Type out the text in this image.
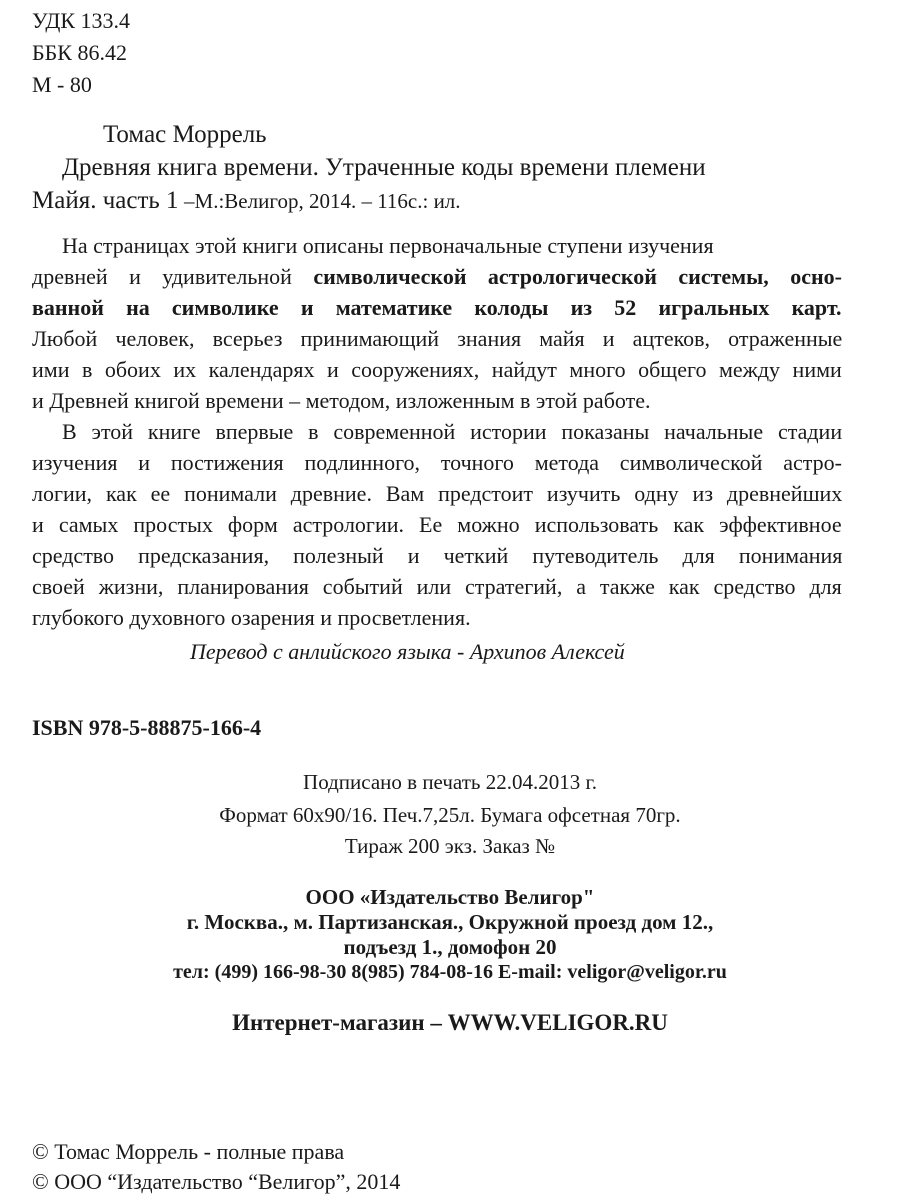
УДК 133.4
ББК 86.42
М - 80
Томас Моррель
Древняя книга времени. Утраченные коды времени племени
Майя. часть 1 –М.:Велигор, 2014. – 116с.: ил.
На страницах этой книги описаны первоначальные ступени изучения
древней и удивительной символической астрологической системы, осно-
ванной на символике и математике колоды из 52 игральных карт.
Любой человек, всерьез принимающий знания майя и ацтеков, отраженные
ими в обоих их календарях и сооружениях, найдут много общего между ними
и Древней книгой времени – методом, изложенным в этой работе.
В этой книге впервые в современной истории показаны начальные стадии
изучения и постижения подлинного, точного метода символической астро-
логии, как ее понимали древние. Вам предстоит изучить одну из древнейших
и самых простых форм астрологии. Ее можно использовать как эффективное
средство предсказания, полезный и четкий путеводитель для понимания
своей жизни, планирования событий или стратегий, а также как средство для
глубокого духовного озарения и просветления.
Перевод с анлийского языка - Архипов Алексей
ISBN 978-5-88875-166-4
Подписано в печать 22.04.2013 г.
Формат 60х90/16. Печ.7,25л. Бумага офсетная 70гр.
Тираж 200 экз. Заказ №
ООО «Издательство Велигор"
г. Москва., м. Партизанская., Окружной проезд дом 12.,
подъезд 1., домофон 20
тел: (499) 166-98-30 8(985) 784-08-16 E-mail: veligor@veligor.ru
Интернет-магазин – WWW.VELIGOR.RU
© Томас Моррель - полные права
© ООО “Издательство “Велигор”, 2014
